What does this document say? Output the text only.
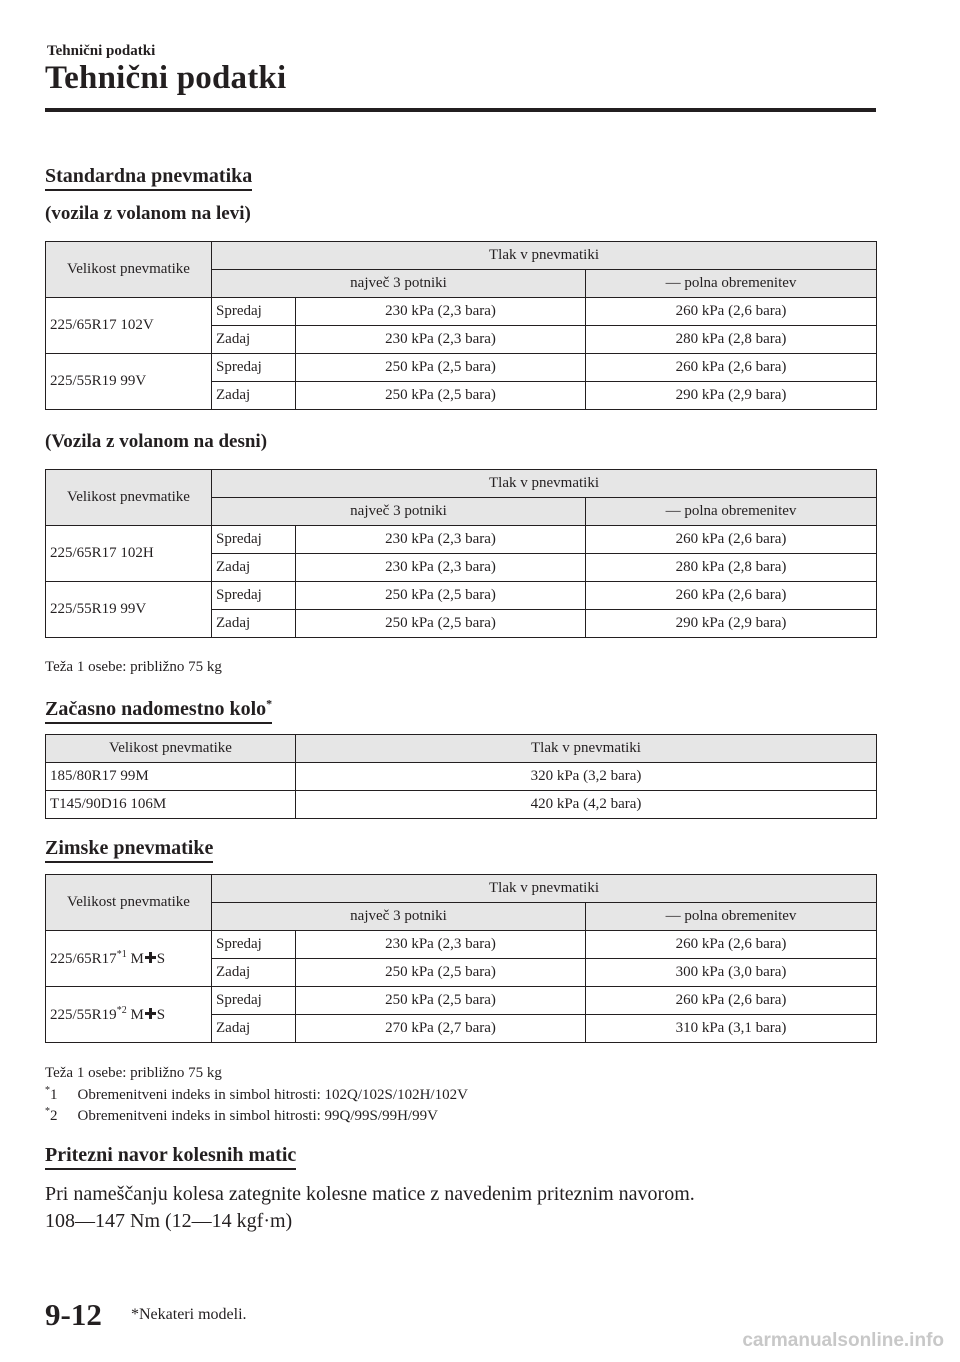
Tehnični podatki
Tehnični podatki
Standardna pnevmatika
(vozila z volanom na levi)
Velikost pnevmatike	Tlak v pnevmatiki		
	največ 3 potniki		— polna obremenitev
225/65R17 102V	Spredaj	230 kPa (2,3 bara)	260 kPa (2,6 bara)
	Zadaj	230 kPa (2,3 bara)	280 kPa (2,8 bara)
225/55R19 99V	Spredaj	250 kPa (2,5 bara)	260 kPa (2,6 bara)
	Zadaj	250 kPa (2,5 bara)	290 kPa (2,9 bara)
(Vozila z volanom na desni)
Velikost pnevmatike	Tlak v pnevmatiki		
	največ 3 potniki		— polna obremenitev
225/65R17 102H	Spredaj	230 kPa (2,3 bara)	260 kPa (2,6 bara)
	Zadaj	230 kPa (2,3 bara)	280 kPa (2,8 bara)
225/55R19 99V	Spredaj	250 kPa (2,5 bara)	260 kPa (2,6 bara)
	Zadaj	250 kPa (2,5 bara)	290 kPa (2,9 bara)
Teža 1 osebe: približno 75 kg
Začasno nadomestno kolo*
Velikost pnevmatike	Tlak v pnevmatiki
185/80R17 99M	320 kPa (3,2 bara)
T145/90D16 106M	420 kPa (4,2 bara)
Zimske pnevmatike
Velikost pnevmatike	Tlak v pnevmatiki		
	največ 3 potniki		— polna obremenitev
225/65R17$^{*1}$ M S	Spredaj	230 kPa (2,3 bara)	260 kPa (2,6 bara)
	Zadaj	250 kPa (2,5 bara)	300 kPa (3,0 bara)
225/55R19$^{*2}$ M S	Spredaj	250 kPa (2,5 bara)	260 kPa (2,6 bara)
	Zadaj	270 kPa (2,7 bara)	310 kPa (3,1 bara)
Teža 1 osebe: približno 75 kg
*1 Obremenitveni indeks in simbol hitrosti: 102Q/102S/102H/102V
*2 Obremenitveni indeks in simbol hitrosti: 99Q/99S/99H/99V
Pritezni navor kolesnih matic
Pri nameščanju kolesa zategnite kolesne matice z navedenim priteznim navorom.
108―147 Nm (12―14 kgf·m)
9-12 *Nekateri modeli.
carmanualsonline.info
